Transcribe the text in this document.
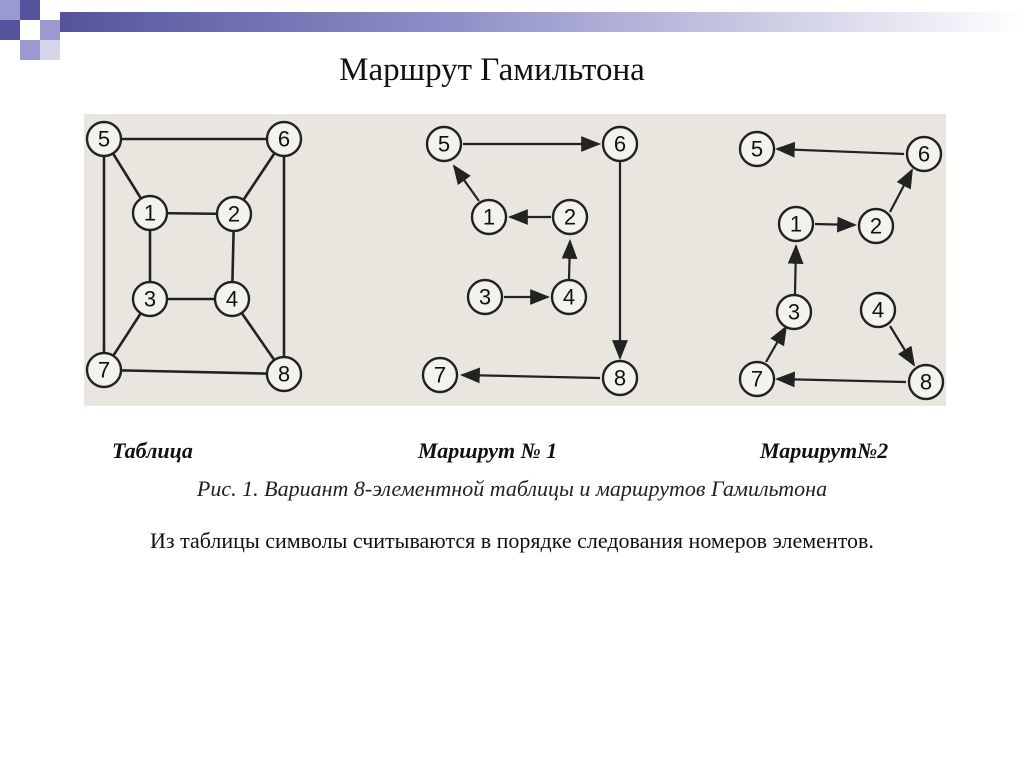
Маршрут Гамильтона
5	6
1	2
3	4
7	8
5	6
1	2
3	4
7	8
5	6
1	2
3	4
7	8
Таблица	Маршрут № 1	Маршрут№2
Рис. 1. Вариант 8-элементной таблицы и маршрутов Гамильтона
Из таблицы символы считываются в порядке следования номеров элементов.
